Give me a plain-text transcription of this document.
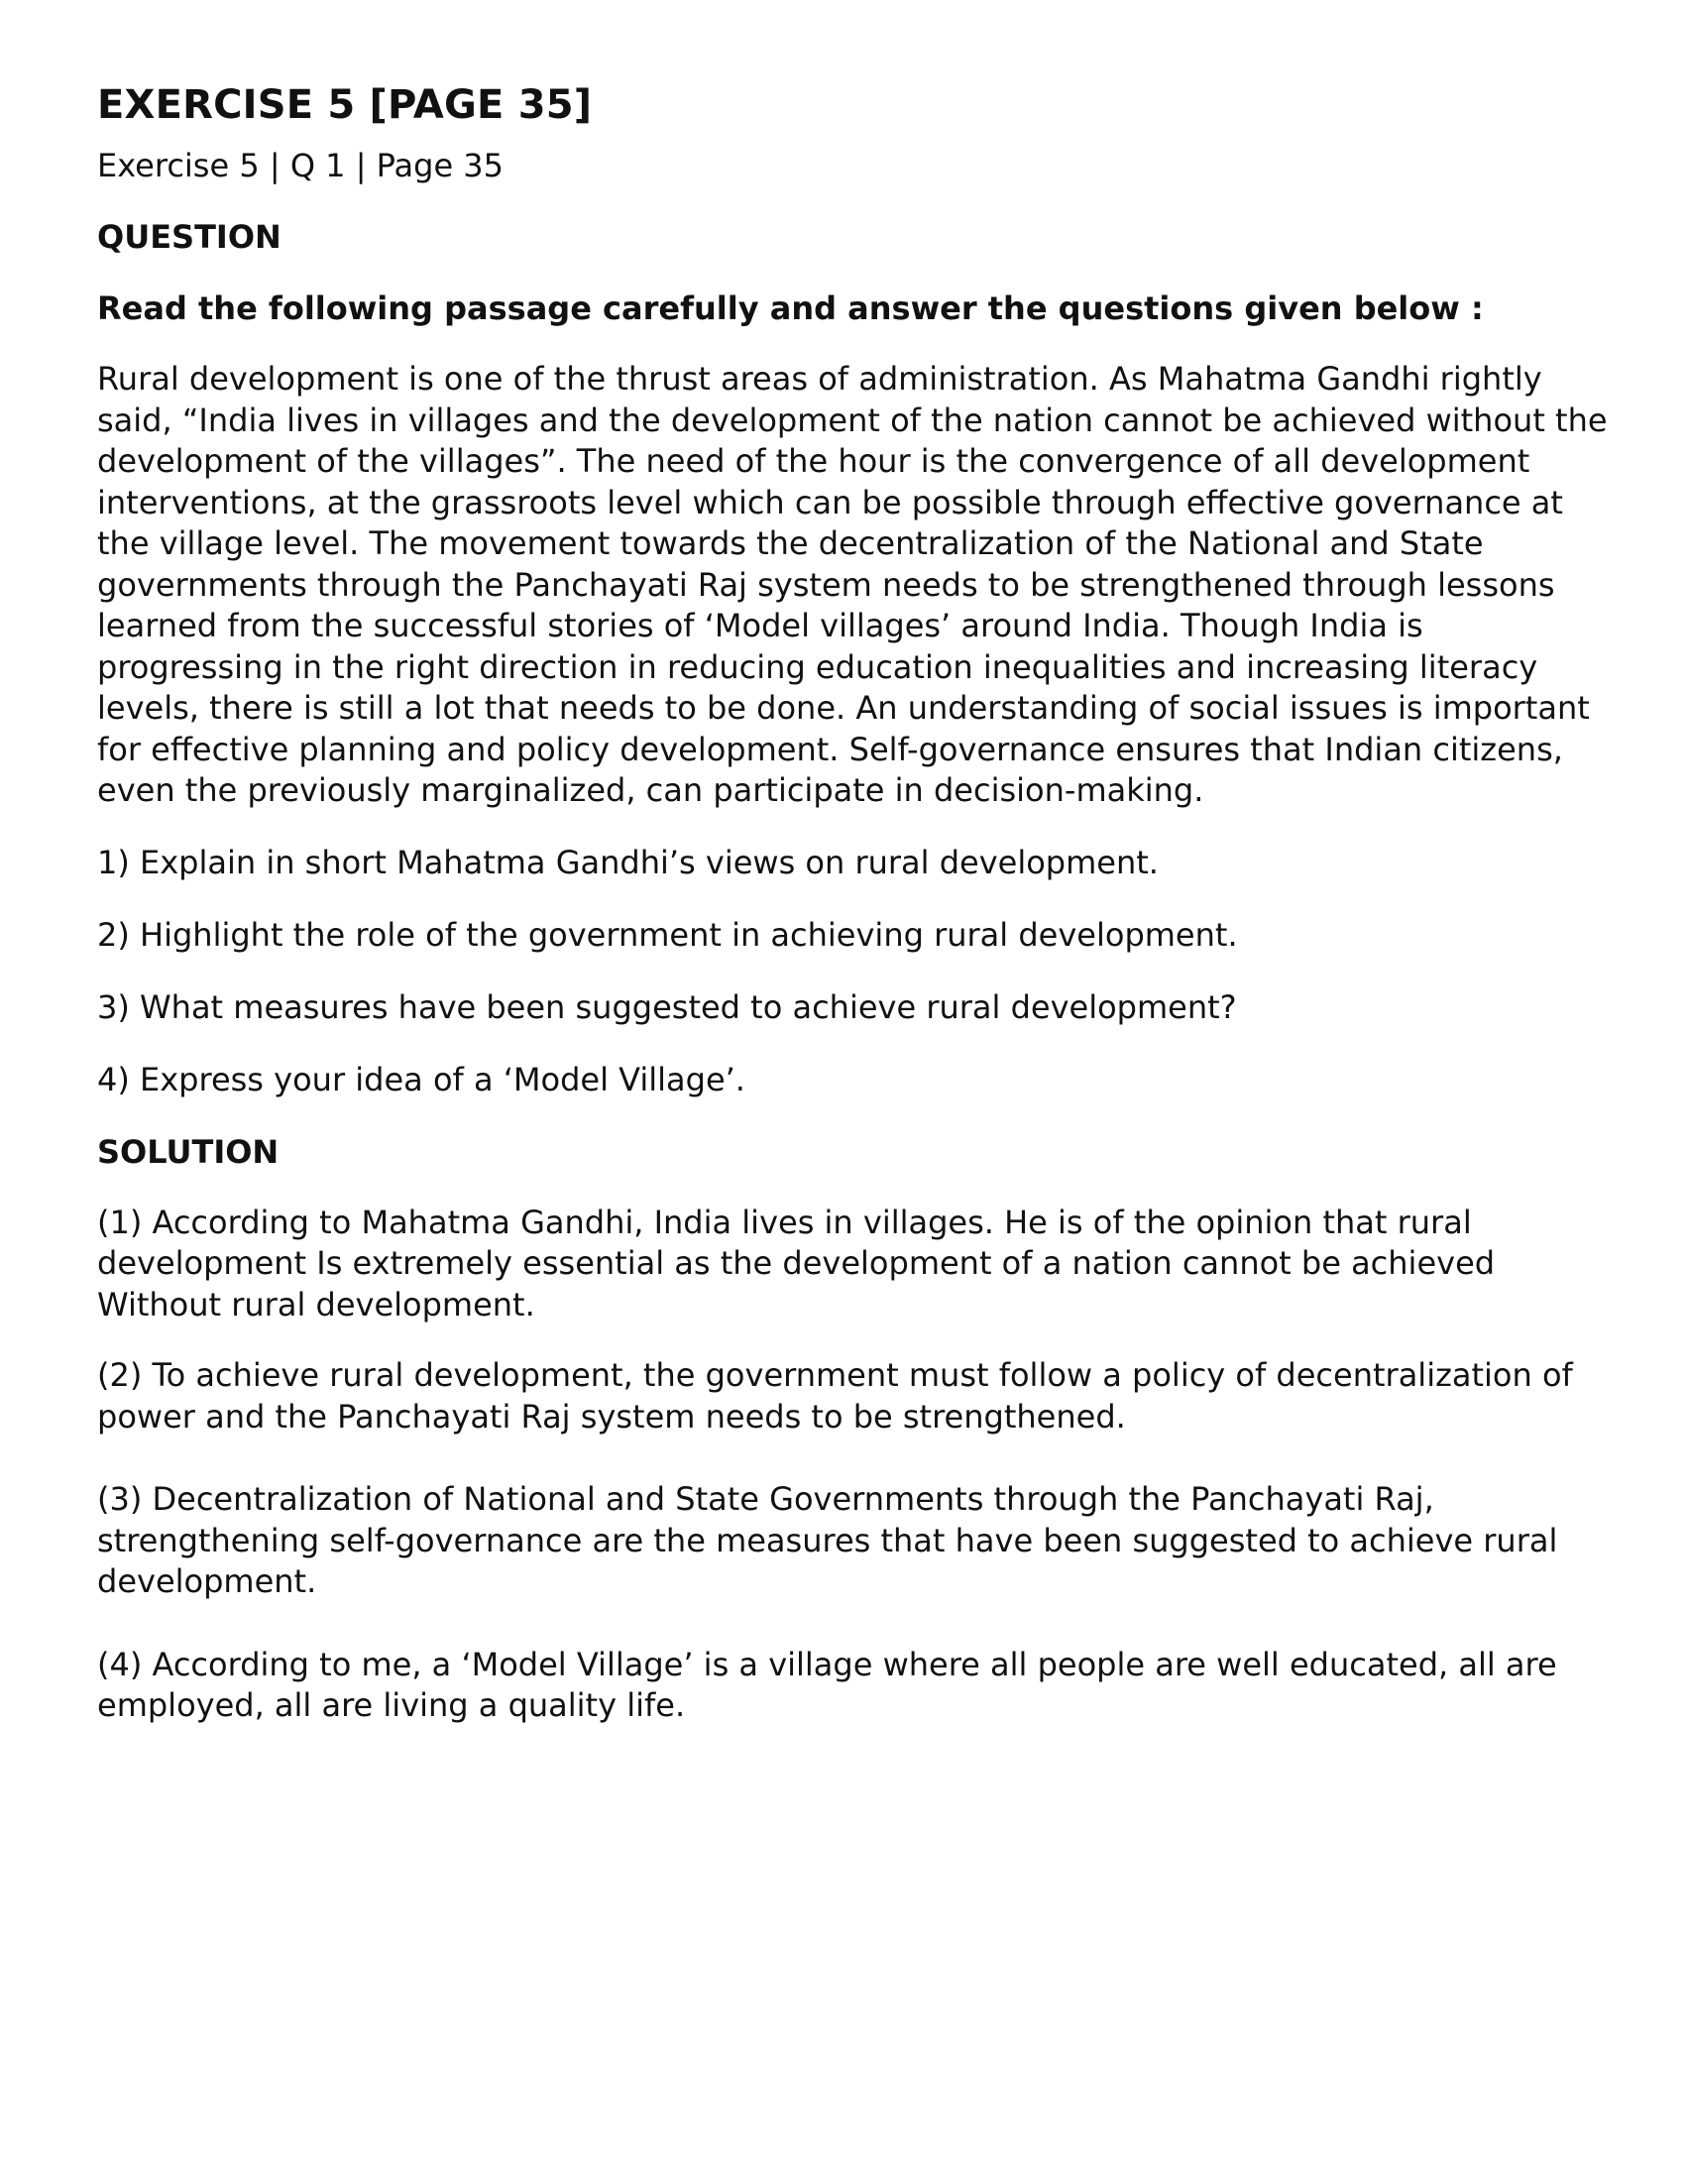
EXERCISE 5 [PAGE 35]
Exercise 5 | Q 1 | Page 35
QUESTION
Read the following passage carefully and answer the questions given below :

Rural development is one of the thrust areas of administration. As Mahatma Gandhi rightly said, “India lives in villages and the development of the nation cannot be achieved without the development of the villages”. The need of the hour is the convergence of all development interventions, at the grassroots level which can be possible through effective governance at the village level. The movement towards the decentralization of the National and State governments through the Panchayati Raj system needs to be strengthened through lessons learned from the successful stories of ‘Model villages’ around India. Though India is progressing in the right direction in reducing education inequalities and increasing literacy levels, there is still a lot that needs to be done. An understanding of social issues is important for effective planning and policy development. Self-governance ensures that Indian citizens, even the previously marginalized, can participate in decision-making.

1) Explain in short Mahatma Gandhi’s views on rural development.
2) Highlight the role of the government in achieving rural development.
3) What measures have been suggested to achieve rural development?
4) Express your idea of a ‘Model Village’.
SOLUTION

(1) According to Mahatma Gandhi, India lives in villages. He is of the opinion that rural development Is extremely essential as the development of a nation cannot be achieved Without rural development.

(2) To achieve rural development, the government must follow a policy of decentralization of power and the Panchayati Raj system needs to be strengthened.

(3) Decentralization of National and State Governments through the Panchayati Raj, strengthening self-governance are the measures that have been suggested to achieve rural development.

(4) According to me, a ‘Model Village’ is a village where all people are well educated, all are employed, all are living a quality life.
